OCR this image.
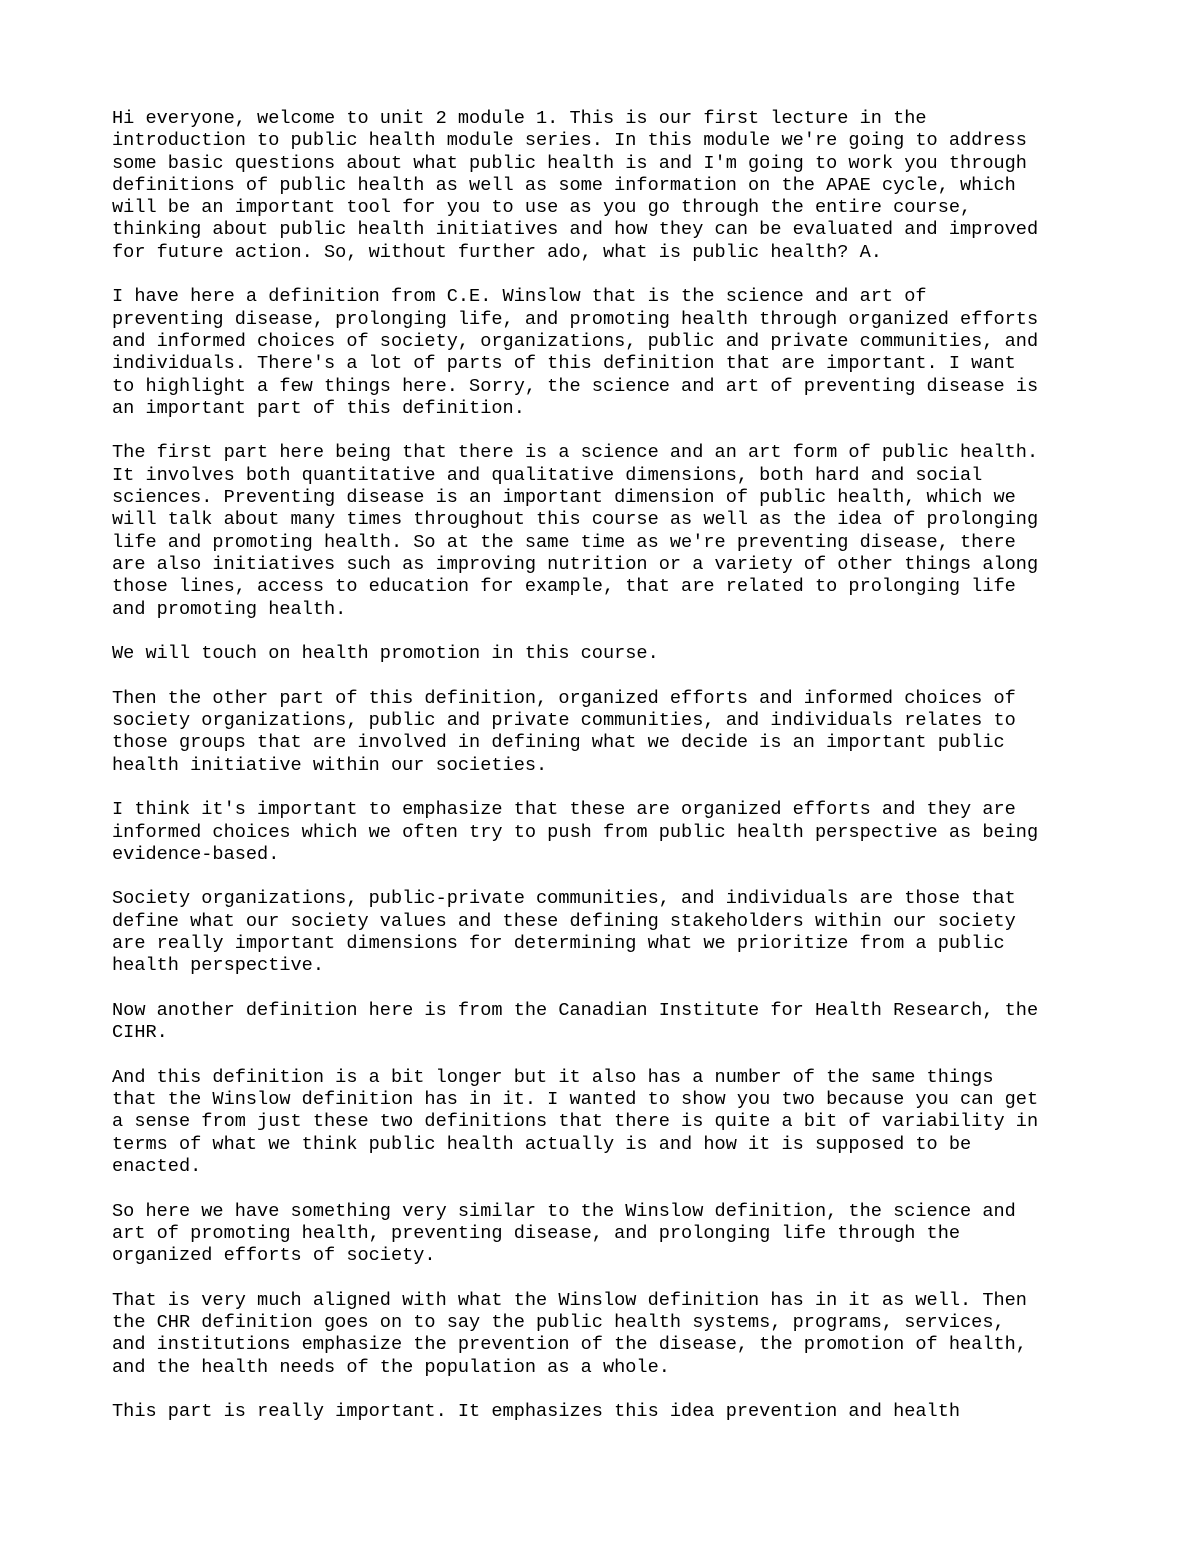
Hi everyone, welcome to unit 2 module 1. This is our first lecture in the
introduction to public health module series. In this module we're going to address
some basic questions about what public health is and I'm going to work you through
definitions of public health as well as some information on the APAE cycle, which
will be an important tool for you to use as you go through the entire course,
thinking about public health initiatives and how they can be evaluated and improved
for future action. So, without further ado, what is public health? A.

I have here a definition from C.E. Winslow that is the science and art of
preventing disease, prolonging life, and promoting health through organized efforts
and informed choices of society, organizations, public and private communities, and
individuals. There's a lot of parts of this definition that are important. I want
to highlight a few things here. Sorry, the science and art of preventing disease is
an important part of this definition.

The first part here being that there is a science and an art form of public health.
It involves both quantitative and qualitative dimensions, both hard and social
sciences. Preventing disease is an important dimension of public health, which we
will talk about many times throughout this course as well as the idea of prolonging
life and promoting health. So at the same time as we're preventing disease, there
are also initiatives such as improving nutrition or a variety of other things along
those lines, access to education for example, that are related to prolonging life
and promoting health.

We will touch on health promotion in this course.

Then the other part of this definition, organized efforts and informed choices of
society organizations, public and private communities, and individuals relates to
those groups that are involved in defining what we decide is an important public
health initiative within our societies.

I think it's important to emphasize that these are organized efforts and they are
informed choices which we often try to push from public health perspective as being
evidence-based.

Society organizations, public-private communities, and individuals are those that
define what our society values and these defining stakeholders within our society
are really important dimensions for determining what we prioritize from a public
health perspective.

Now another definition here is from the Canadian Institute for Health Research, the
CIHR.

And this definition is a bit longer but it also has a number of the same things
that the Winslow definition has in it. I wanted to show you two because you can get
a sense from just these two definitions that there is quite a bit of variability in
terms of what we think public health actually is and how it is supposed to be
enacted.

So here we have something very similar to the Winslow definition, the science and
art of promoting health, preventing disease, and prolonging life through the
organized efforts of society.

That is very much aligned with what the Winslow definition has in it as well. Then
the CHR definition goes on to say the public health systems, programs, services,
and institutions emphasize the prevention of the disease, the promotion of health,
and the health needs of the population as a whole.

This part is really important. It emphasizes this idea prevention and health
